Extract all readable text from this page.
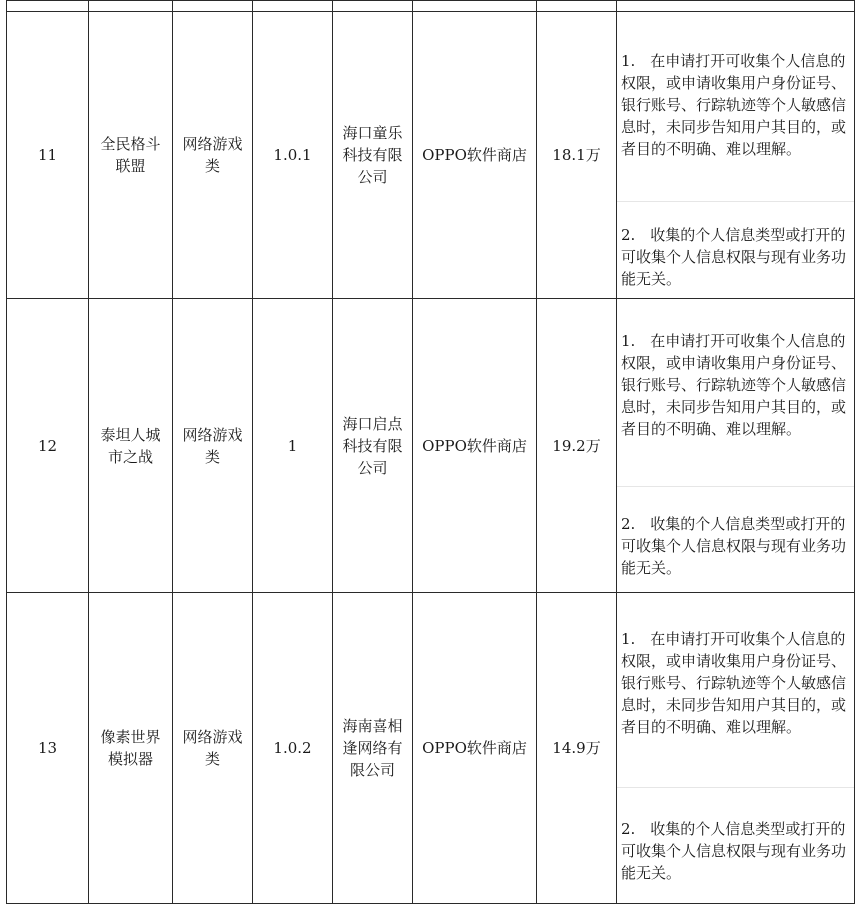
11	全民格斗联盟	网络游戏类	1.0.1	海口童乐科技有限公司	OPPO软件商店	18.1万	1.　在申请打开可收集个人信息的权限，或申请收集用户身份证号、银行账号、行踪轨迹等个人敏感信息时，未同步告知用户其目的，或者目的不明确、难以理解。
2.　收集的个人信息类型或打开的可收集个人信息权限与现有业务功能无关。

12	泰坦人城市之战	网络游戏类	1	海口启点科技有限公司	OPPO软件商店	19.2万	1.　在申请打开可收集个人信息的权限，或申请收集用户身份证号、银行账号、行踪轨迹等个人敏感信息时，未同步告知用户其目的，或者目的不明确、难以理解。
2.　收集的个人信息类型或打开的可收集个人信息权限与现有业务功能无关。

13	像素世界模拟器	网络游戏类	1.0.2	海南喜相逢网络有限公司	OPPO软件商店	14.9万	1.　在申请打开可收集个人信息的权限，或申请收集用户身份证号、银行账号、行踪轨迹等个人敏感信息时，未同步告知用户其目的，或者目的不明确、难以理解。
2.　收集的个人信息类型或打开的可收集个人信息权限与现有业务功能无关。
